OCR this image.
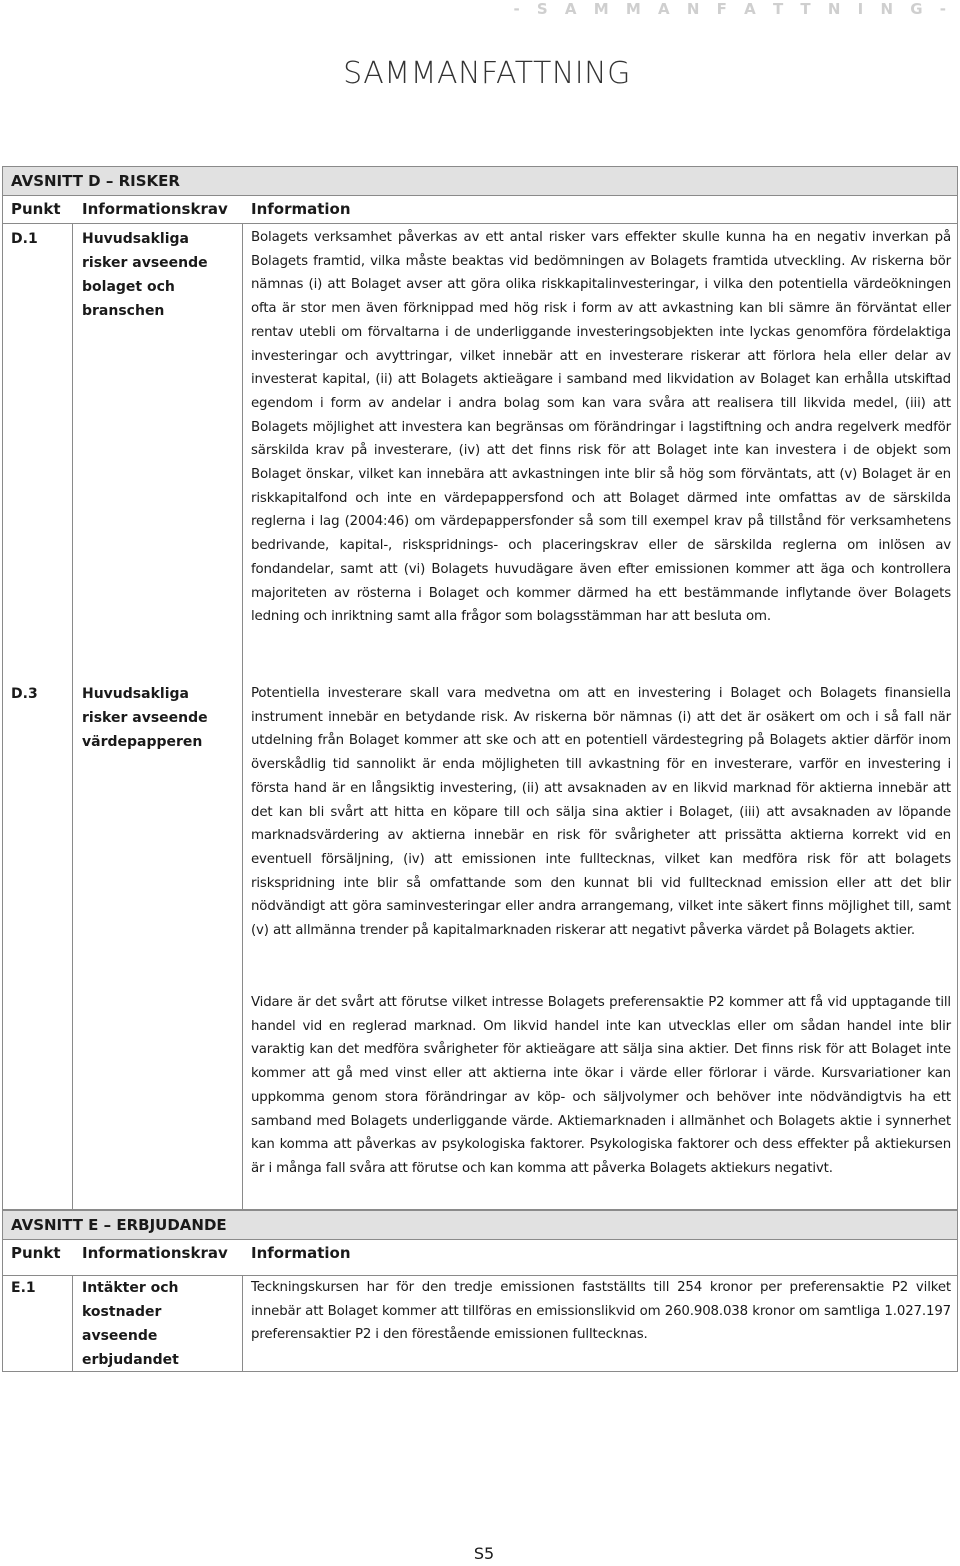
- S A M M A N F A T T N I N G -
SAMMANFATTNING
AVSNITT D – RISKER
Punkt Informationskrav Information
D.1	Huvudsakliga risker avseende bolaget och branschen
Bolagets verksamhet påverkas av ett antal risker vars effekter skulle kunna ha en negativ inverkan på Bolagets framtid, vilka måste beaktas vid bedömningen av Bolagets framtida utveckling. Av riskerna bör nämnas (i) att Bolaget avser att göra olika riskkapitalinvesteringar, i vilka den potentiella värdeökningen ofta är stor men även förknippad med hög risk i form av att avkastning kan bli sämre än förväntat eller rentav utebli om förvaltarna i de underliggande investeringsobjekten inte lyckas genomföra fördelaktiga investeringar och avyttringar, vilket innebär att en investerare riskerar att förlora hela eller delar av investerat kapital, (ii) att Bolagets aktieägare i samband med likvidation av Bolaget kan erhålla utskiftad egendom i form av andelar i andra bolag som kan vara svåra att realisera till likvida medel, (iii) att Bolagets möjlighet att investera kan begränsas om förändringar i lagstiftning och andra regelverk medför särskilda krav på investerare, (iv) att det finns risk för att Bolaget inte kan investera i de objekt som Bolaget önskar, vilket kan innebära att avkastningen inte blir så hög som förväntats, att (v) Bolaget är en riskkapitalfond och inte en värdepappersfond och att Bolaget därmed inte omfattas av de särskilda reglerna i lag (2004:46) om värdepappersfonder så som till exempel krav på tillstånd för verksamhetens bedrivande, kapital-, riskspridnings- och placeringskrav eller de särskilda reglerna om inlösen av fondandelar, samt att (vi) Bolagets huvudägare även efter emissionen kommer att äga och kontrollera majoriteten av rösterna i Bolaget och kommer därmed ha ett bestämmande inflytande över Bolagets ledning och inriktning samt alla frågor som bolagsstämman har att besluta om.
D.3	Huvudsakliga risker avseende värdepapperen
Potentiella investerare skall vara medvetna om att en investering i Bolaget och Bolagets finansiella instrument innebär en betydande risk. Av riskerna bör nämnas (i) att det är osäkert om och i så fall när utdelning från Bolaget kommer att ske och att en potentiell värdestegring på Bolagets aktier därför inom överskådlig tid sannolikt är enda möjligheten till avkastning för en investerare, varför en investering i första hand är en långsiktig investering, (ii) att avsaknaden av en likvid marknad för aktierna innebär att det kan bli svårt att hitta en köpare till och sälja sina aktier i Bolaget, (iii) att avsaknaden av löpande marknadsvärdering av aktierna innebär en risk för svårigheter att prissätta aktierna korrekt vid en eventuell försäljning, (iv) att emissionen inte fulltecknas, vilket kan medföra risk för att bolagets riskspridning inte blir så omfattande som den kunnat bli vid fulltecknad emission eller att det blir nödvändigt att göra saminvesteringar eller andra arrangemang, vilket inte säkert finns möjlighet till, samt (v) att allmänna trender på kapitalmarknaden riskerar att negativt påverka värdet på Bolagets aktier.
Vidare är det svårt att förutse vilket intresse Bolagets preferensaktie P2 kommer att få vid upptagande till handel vid en reglerad marknad. Om likvid handel inte kan utvecklas eller om sådan handel inte blir varaktig kan det medföra svårigheter för aktieägare att sälja sina aktier. Det finns risk för att Bolaget inte kommer att gå med vinst eller att aktierna inte ökar i värde eller förlorar i värde. Kursvariationer kan uppkomma genom stora förändringar av köp- och säljvolymer och behöver inte nödvändigtvis ha ett samband med Bolagets underliggande värde. Aktiemarknaden i allmänhet och Bolagets aktie i synnerhet kan komma att påverkas av psykologiska faktorer. Psykologiska faktorer och dess effekter på aktiekursen är i många fall svåra att förutse och kan komma att påverka Bolagets aktiekurs negativt.
AVSNITT E – ERBJUDANDE
Punkt Informationskrav Information
E.1	Intäkter och kostnader avseende erbjudandet
Teckningskursen har för den tredje emissionen fastställts till 254 kronor per preferensaktie P2 vilket innebär att Bolaget kommer att tillföras en emissionslikvid om 260.908.038 kronor om samtliga 1.027.197 preferensaktier P2 i den förestående emissionen fulltecknas.
S5
